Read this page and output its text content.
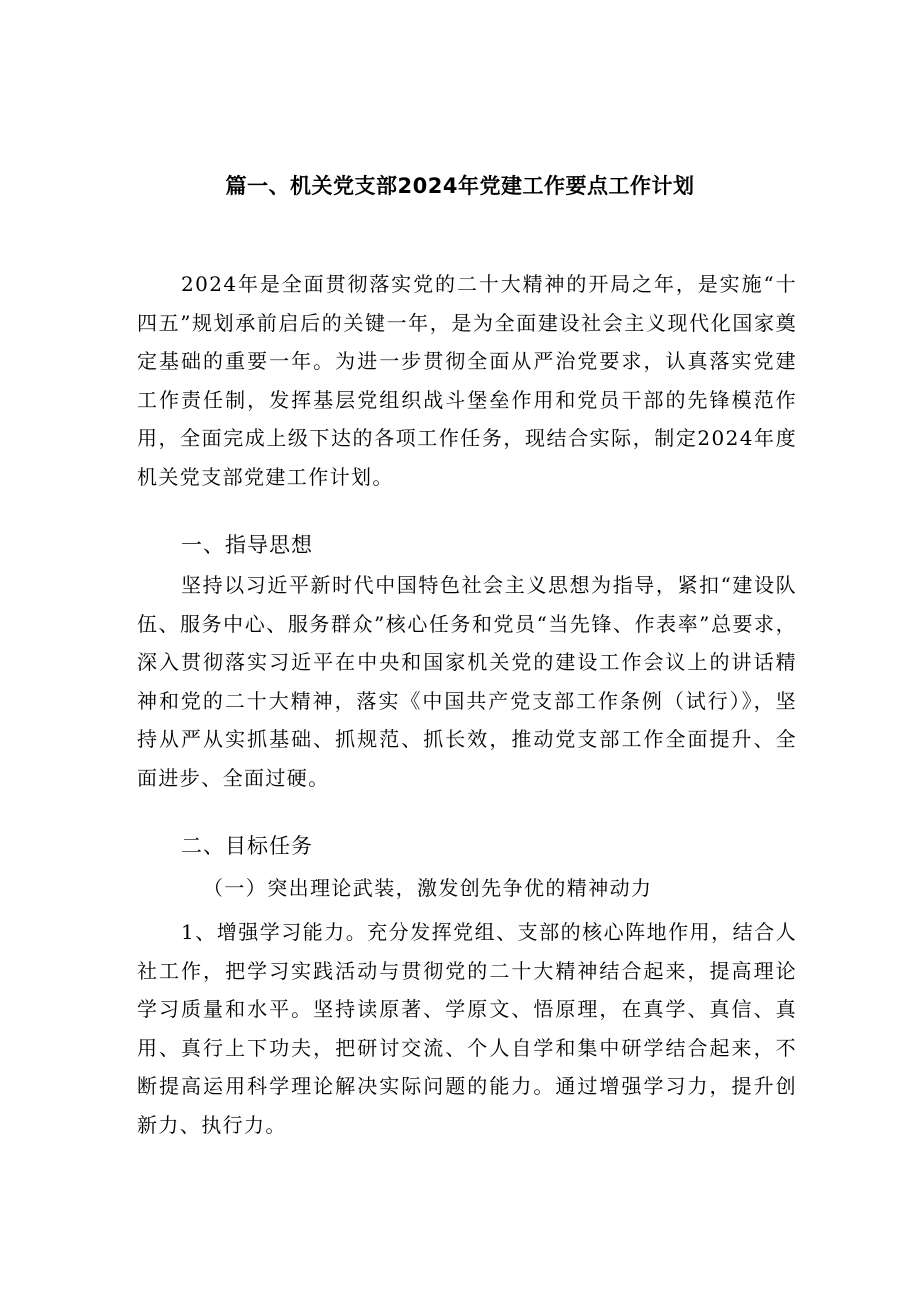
篇一、机关党支部2024年党建工作要点工作计划

2024年是全面贯彻落实党的二十大精神的开局之年，是实施“十四五”规划承前启后的关键一年，是为全面建设社会主义现代化国家奠定基础的重要一年。为进一步贯彻全面从严治党要求，认真落实党建工作责任制，发挥基层党组织战斗堡垒作用和党员干部的先锋模范作用，全面完成上级下达的各项工作任务，现结合实际，制定2024年度机关党支部党建工作计划。

一、指导思想

坚持以习近平新时代中国特色社会主义思想为指导，紧扣“建设队伍、服务中心、服务群众”核心任务和党员“当先锋、作表率”总要求，深入贯彻落实习近平在中央和国家机关党的建设工作会议上的讲话精神和党的二十大精神，落实《中国共产党支部工作条例（试行）》，坚持从严从实抓基础、抓规范、抓长效，推动党支部工作全面提升、全面进步、全面过硬。

二、目标任务
（一）突出理论武装，激发创先争优的精神动力

1、增强学习能力。充分发挥党组、支部的核心阵地作用，结合人社工作，把学习实践活动与贯彻党的二十大精神结合起来，提高理论学习质量和水平。坚持读原著、学原文、悟原理，在真学、真信、真用、真行上下功夫，把研讨交流、个人自学和集中研学结合起来，不断提高运用科学理论解决实际问题的能力。通过增强学习力，提升创新力、执行力。
